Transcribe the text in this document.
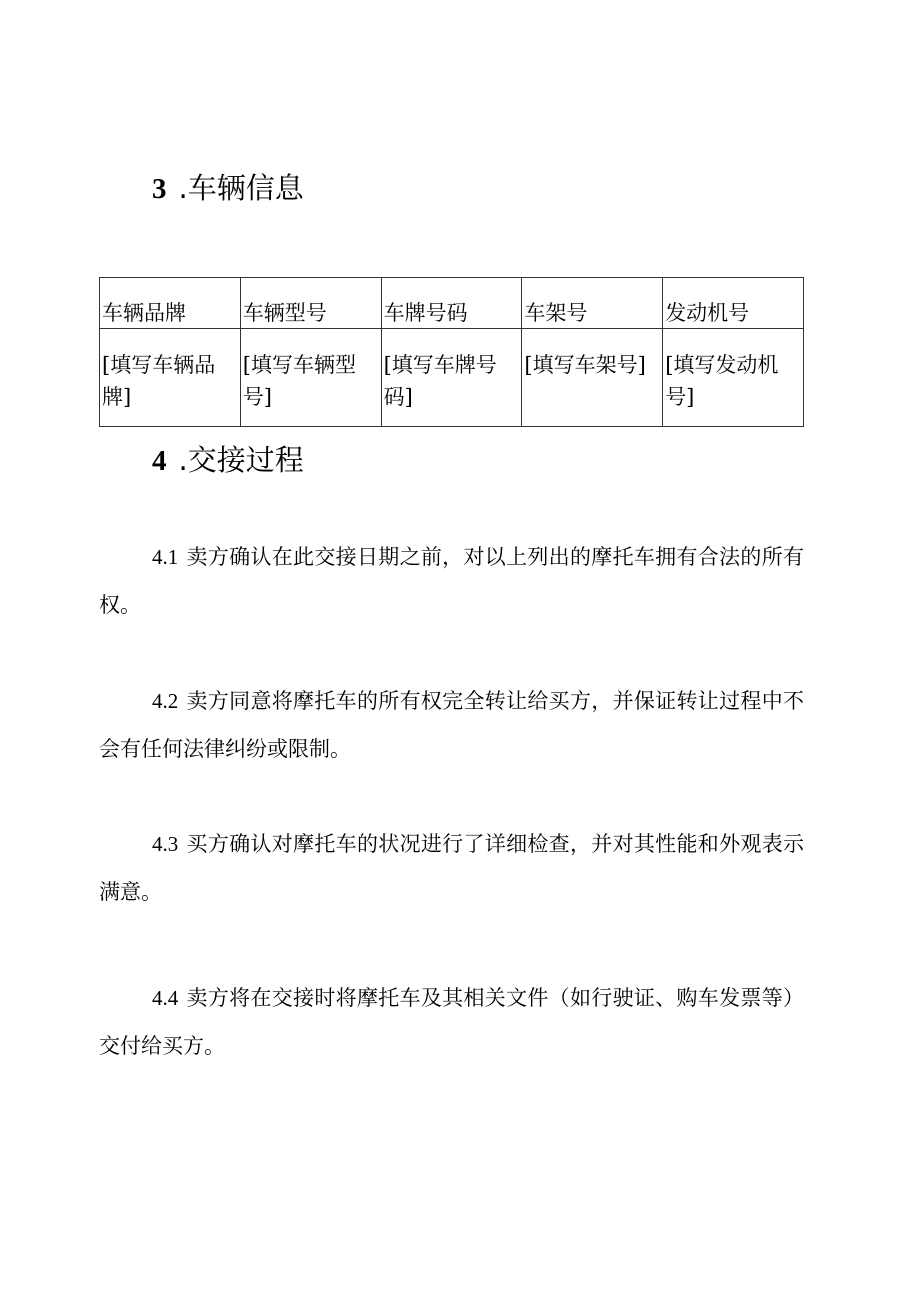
3 .车辆信息
车辆品牌	车辆型号	车牌号码	车架号	发动机号
[填写车辆品牌]	[填写车辆型号]	[填写车牌号码]	[填写车架号]	[填写发动机号]
4 .交接过程

4.1 卖方确认在此交接日期之前，对以上列出的摩托车拥有合法的所有权。

4.2 卖方同意将摩托车的所有权完全转让给买方，并保证转让过程中不会有任何法律纠纷或限制。

4.3 买方确认对摩托车的状况进行了详细检查，并对其性能和外观表示满意。

4.4 卖方将在交接时将摩托车及其相关文件（如行驶证、购车发票等）交付给买方。
